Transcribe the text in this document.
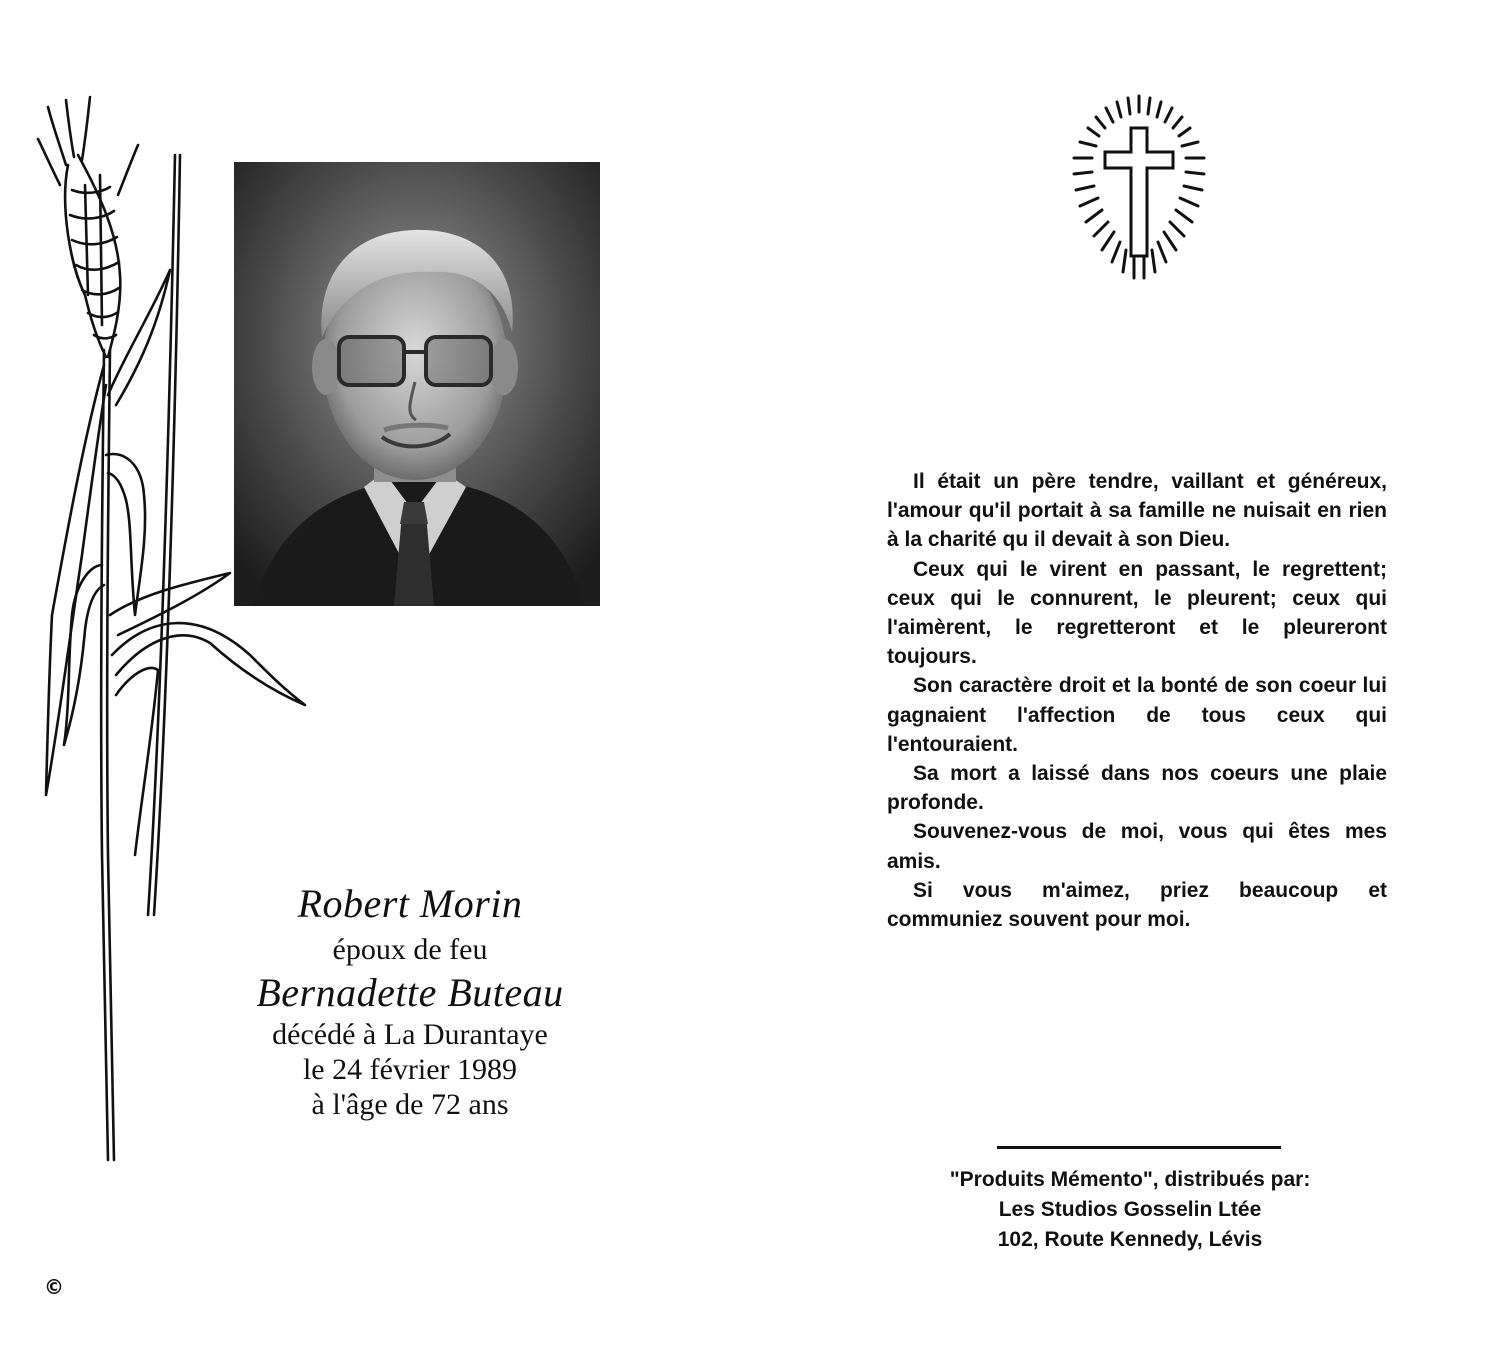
Robert Morin
époux de feu
Bernadette Buteau
décédé à La Durantaye
le 24 février 1989
à l'âge de 72 ans
©

Il était un père tendre, vaillant et généreux, l'amour qu'il portait à sa famille ne nuisait en rien à la charité qu il devait à son Dieu.

Ceux qui le virent en passant, le regrettent; ceux qui le connurent, le pleurent; ceux qui l'aimèrent, le regretteront et le pleureront toujours.

Son caractère droit et la bonté de son coeur lui gagnaient l'affection de tous ceux qui l'entouraient.

Sa mort a laissé dans nos coeurs une plaie profonde.

Souvenez-vous de moi, vous qui êtes mes amis.

Si vous m'aimez, priez beaucoup et communiez souvent pour moi.

"Produits Mémento", distribués par:
Les Studios Gosselin Ltée
102, Route Kennedy, Lévis
